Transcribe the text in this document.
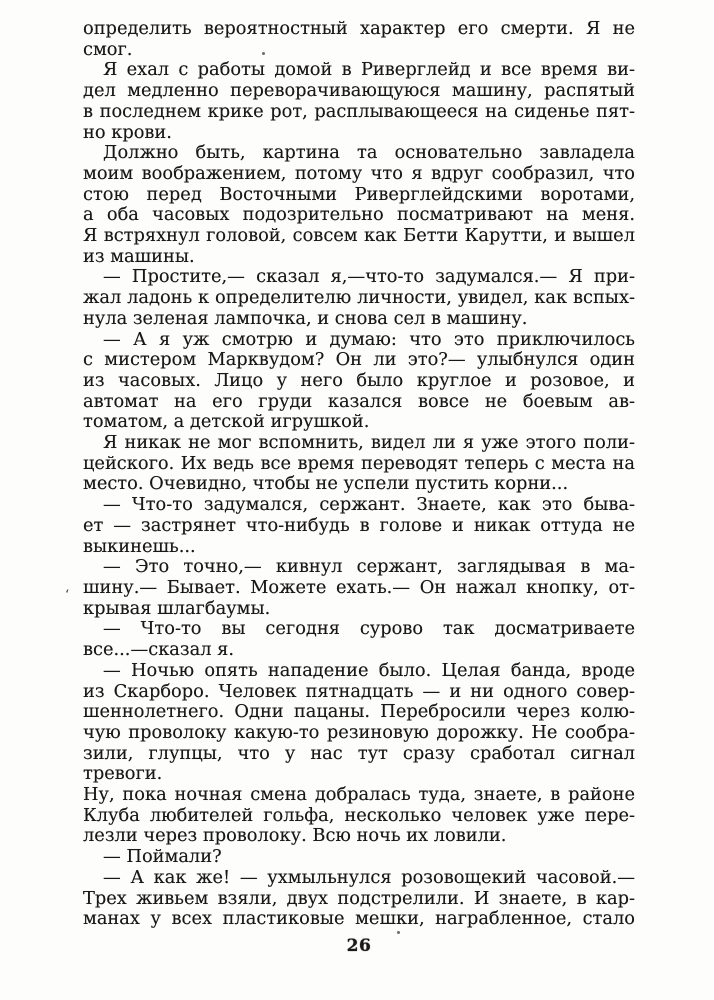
определить вероятностный характер его смерти. Я не
смог.
Я ехал с работы домой в Риверглейд и все время ви-
дел медленно переворачивающуюся машину, распятый
в последнем крике рот, расплывающееся на сиденье пят-
но крови.
Должно быть, картина та основательно завладела
моим воображением, потому что я вдруг сообразил, что
стою перед Восточными Риверглейдскими воротами,
а оба часовых подозрительно посматривают на меня.
Я встряхнул головой, совсем как Бетти Карутти, и вышел
из машины.
— Простите,— сказал я,—что-то задумался.— Я при-
жал ладонь к определителю личности, увидел, как вспых-
нула зеленая лампочка, и снова сел в машину.
— А я уж смотрю и думаю: что это приключилось
с мистером Марквудом? Он ли это?— улыбнулся один
из часовых. Лицо у него было круглое и розовое, и
автомат на его груди казался вовсе не боевым ав-
томатом, а детской игрушкой.
Я никак не мог вспомнить, видел ли я уже этого поли-
цейского. Их ведь все время переводят теперь с места на
место. Очевидно, чтобы не успели пустить корни...
— Что-то задумался, сержант. Знаете, как это быва-
ет — застрянет что-нибудь в голове и никак оттуда не
выкинешь...
— Это точно,— кивнул сержант, заглядывая в ма-
шину.— Бывает. Можете ехать.— Он нажал кнопку, от-
крывая шлагбаумы.
— Что-то вы сегодня сурово так досматриваете
все...—сказал я.
— Ночью опять нападение было. Целая банда, вроде
из Скарборо. Человек пятнадцать — и ни одного совер-
шеннолетнего. Одни пацаны. Перебросили через колю-
чую проволоку какую-то резиновую дорожку. Не сообра-
зили, глупцы, что у нас тут сразу сработал сигнал тревоги.
Ну, пока ночная смена добралась туда, знаете, в районе
Клуба любителей гольфа, несколько человек уже пере-
лезли через проволоку. Всю ночь их ловили.
— Поймали?
— А как же! — ухмыльнулся розовощекий часовой.—
Трех живьем взяли, двух подстрелили. И знаете, в кар-
манах у всех пластиковые мешки, награбленное, стало
26
‘
